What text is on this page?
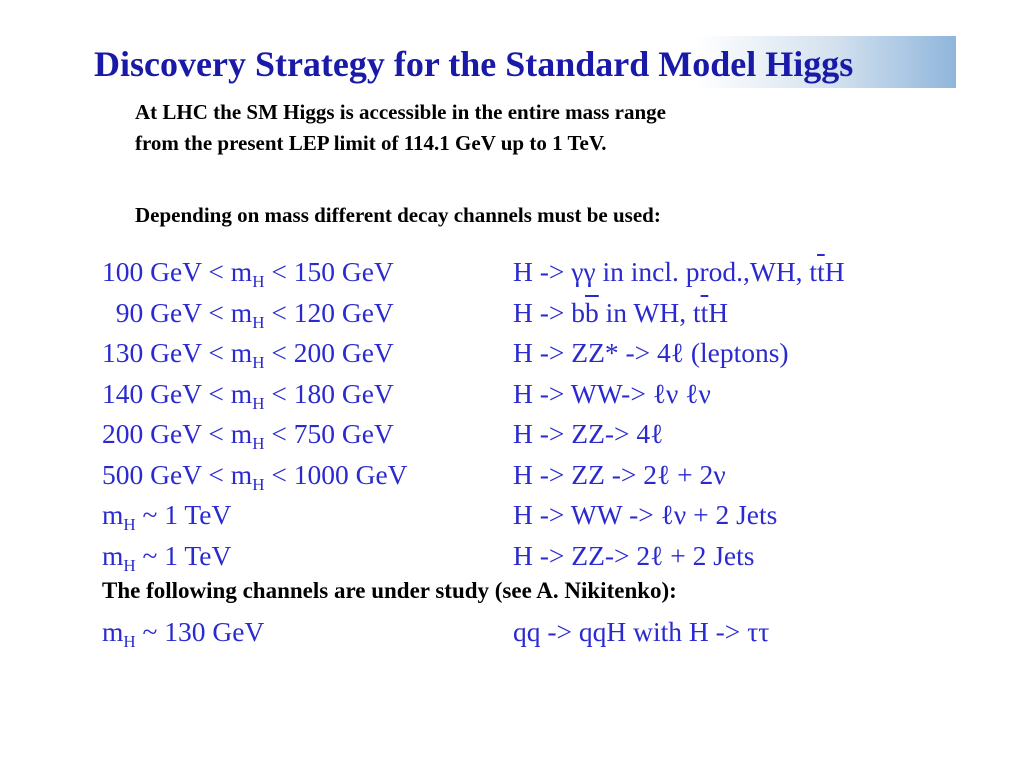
Discovery Strategy for the Standard Model Higgs

At LHC the SM Higgs is accessible in the entire mass range

from the present LEP limit of 114.1 GeV up to 1 TeV.

Depending on mass different decay channels must be used:

100 GeV < $m_H < 150$ GeV	H -> γγ in incl. prod.,WH, $t\overline{t}H$
90 GeV < $m_H < 120$ GeV	$H -> b\overline{b}$ in WH, $t\overline{t}H$
130 GeV < $m_H < 200$ GeV	H -> ZZ* -> 4ℓ (leptons)
140 GeV < $m_H < 180$ GeV	H -> WW-> ℓν ℓν
200 GeV < $m_H < 750$ GeV	H -> ZZ-> 4ℓ
500 GeV < $m_H < 1000$ GeV	H -> ZZ -> 2ℓ + 2ν
$m_H$ ~ 1 TeV	H -> WW -> ℓν + 2 Jets
$m_H$ ~ 1 TeV	H -> ZZ-> 2ℓ + 2 Jets
The following channels are under study (see A. Nikitenko):
$m_H$ ~ 130 GeV	qq -> qqH with H -> ττ
